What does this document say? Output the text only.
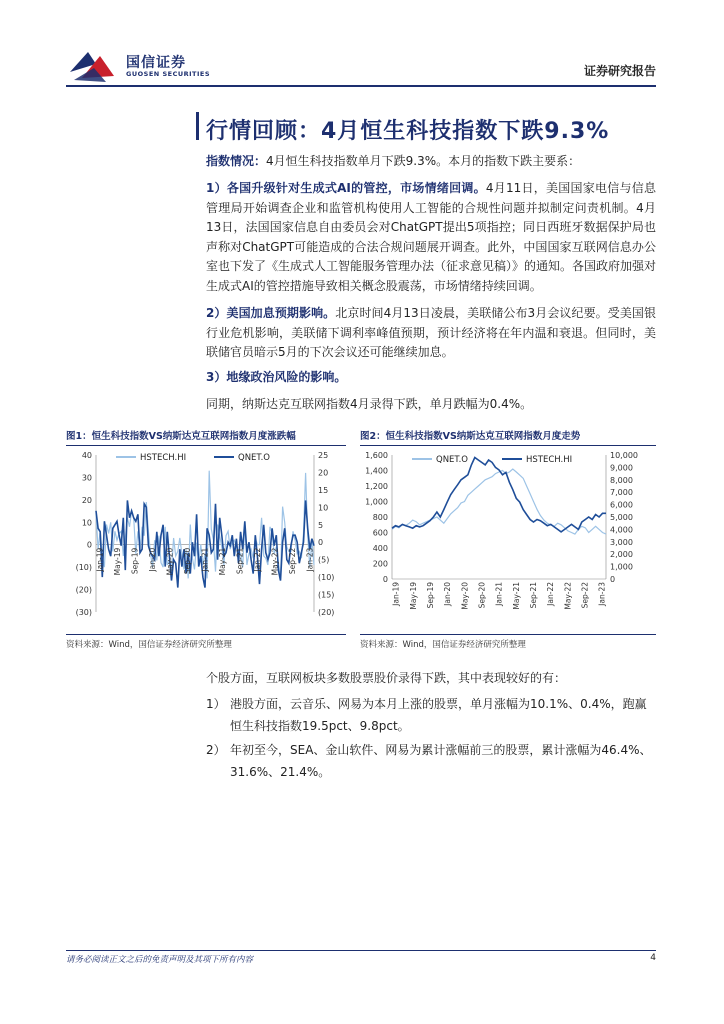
国信证券
GUOSEN SECURITIES	证券研究报告
行情回顾：4月恒生科技指数下跌9.3%

指数情况：4月恒生科技指数单月下跌9.3%。本月的指数下跌主要系：

1）各国升级针对生成式AI的管控，市场情绪回调。4月11日，美国国家电信与信息管理局开始调查企业和监管机构使用人工智能的合规性问题并拟制定问责机制。4月13日，法国国家信息自由委员会对ChatGPT提出5项指控；同日西班牙数据保护局也声称对ChatGPT可能造成的合法合规问题展开调查。此外，中国国家互联网信息办公室也下发了《生成式人工智能服务管理办法（征求意见稿）》的通知。各国政府加强对生成式AI的管控措施导致相关概念股震荡，市场情绪持续回调。

2）美国加息预期影响。北京时间4月13日凌晨，美联储公布3月会议纪要。受美国银行业危机影响，美联储下调利率峰值预期，预计经济将在年内温和衰退。但同时，美联储官员暗示5月的下次会议还可能继续加息。

3）地缘政治风险的影响。

同期，纳斯达克互联网指数4月录得下跌，单月跌幅为0.4%。

图1：恒生科技指数VS纳斯达克互联网指数月度涨跌幅
40
30
20
10
0
(10)
(20)
(30)
25
20
15
10
5
0
(5)
(10)
(15)
(20)
Jan-19 May-19 Sep-19 Jan-20 May-20 Sep-20 Jan-21 May-21 Sep-21 Jan-22 May-22 Sep-22 Jan-23
HSTECH.HI	QNET.O
资料来源：Wind，国信证券经济研究所整理
图2：恒生科技指数VS纳斯达克互联网指数月度走势
1,600
1,400
1,200
1,000
800
600
400
200
0
10,000
9,000
8,000
7,000
6,000
5,000
4,000
3,000
2,000
1,000
0
Jan-19 May-19 Sep-19 Jan-20 May-20 Sep-20 Jan-21 May-21 Sep-21 Jan-22 May-22 Sep-22 Jan-23
QNET.O	HSTECH.HI
资料来源：Wind，国信证券经济研究所整理

个股方面，互联网板块多数股票股价录得下跌，其中表现较好的有：

1） 港股方面，云音乐、网易为本月上涨的股票，单月涨幅为10.1%、0.4%，跑赢恒生科技指数19.5pct、9.8pct。
2） 年初至今，SEA、金山软件、网易为累计涨幅前三的股票，累计涨幅为46.4%、31.6%、21.4%。
请务必阅读正文之后的免责声明及其项下所有内容	4
